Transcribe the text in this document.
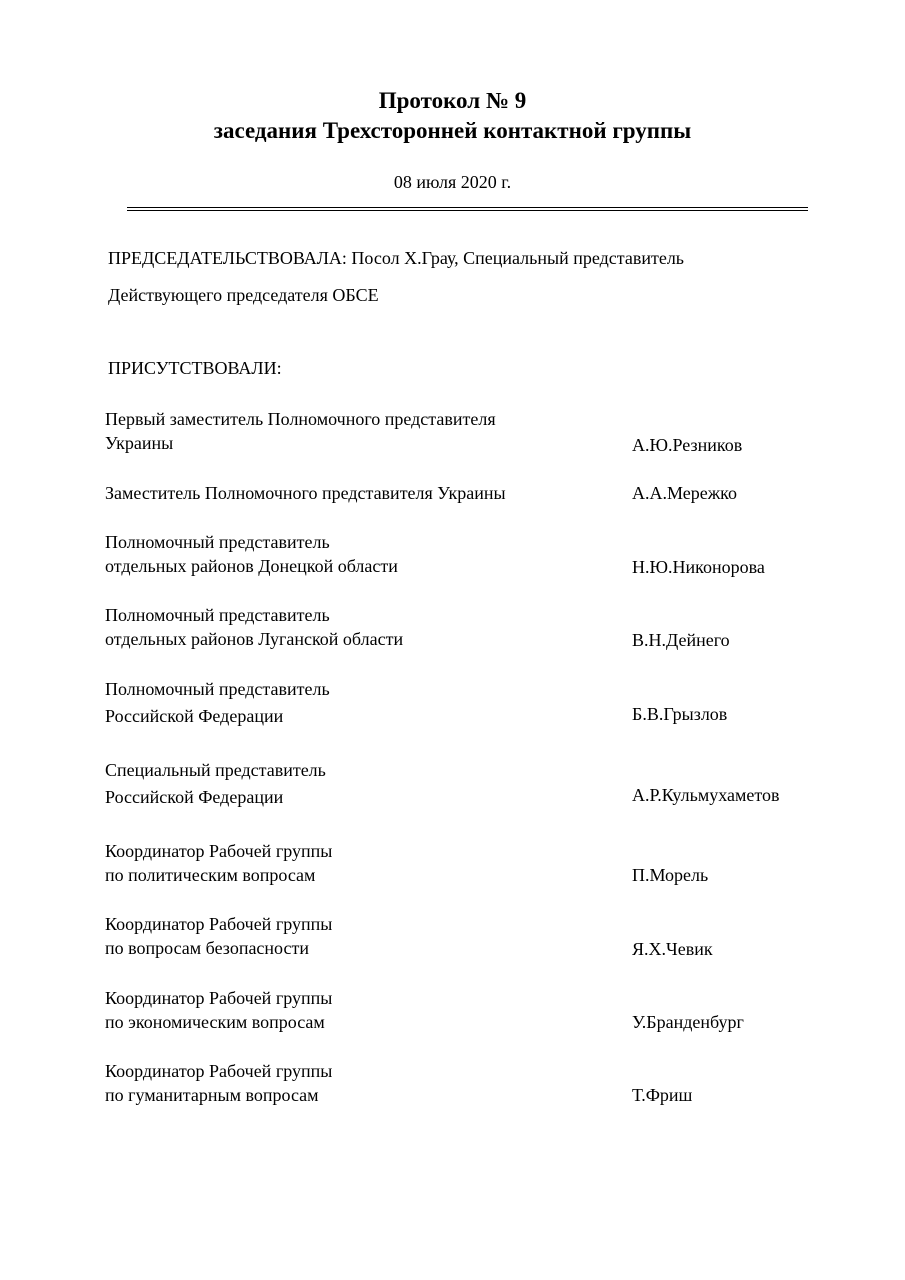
Протокол № 9
заседания Трехсторонней контактной группы
08 июля 2020 г.
ПРЕДСЕДАТЕЛЬСТВОВАЛА: Посол Х.Грау, Специальный представитель
Действующего председателя ОБСЕ
ПРИСУТСТВОВАЛИ:
Первый заместитель Полномочного представителя
Украины	А.Ю.Резников
Заместитель Полномочного представителя Украины	А.А.Мережко
Полномочный представитель
отдельных районов Донецкой области	Н.Ю.Никонорова
Полномочный представитель
отдельных районов Луганской области	В.Н.Дейнего
Полномочный представитель
Российской Федерации	Б.В.Грызлов
Специальный представитель
Российской Федерации	А.Р.Кульмухаметов
Координатор Рабочей группы
по политическим вопросам	П.Морель
Координатор Рабочей группы
по вопросам безопасности	Я.Х.Чевик
Координатор Рабочей группы
по экономическим вопросам	У.Бранденбург
Координатор Рабочей группы
по гуманитарным вопросам	Т.Фриш
